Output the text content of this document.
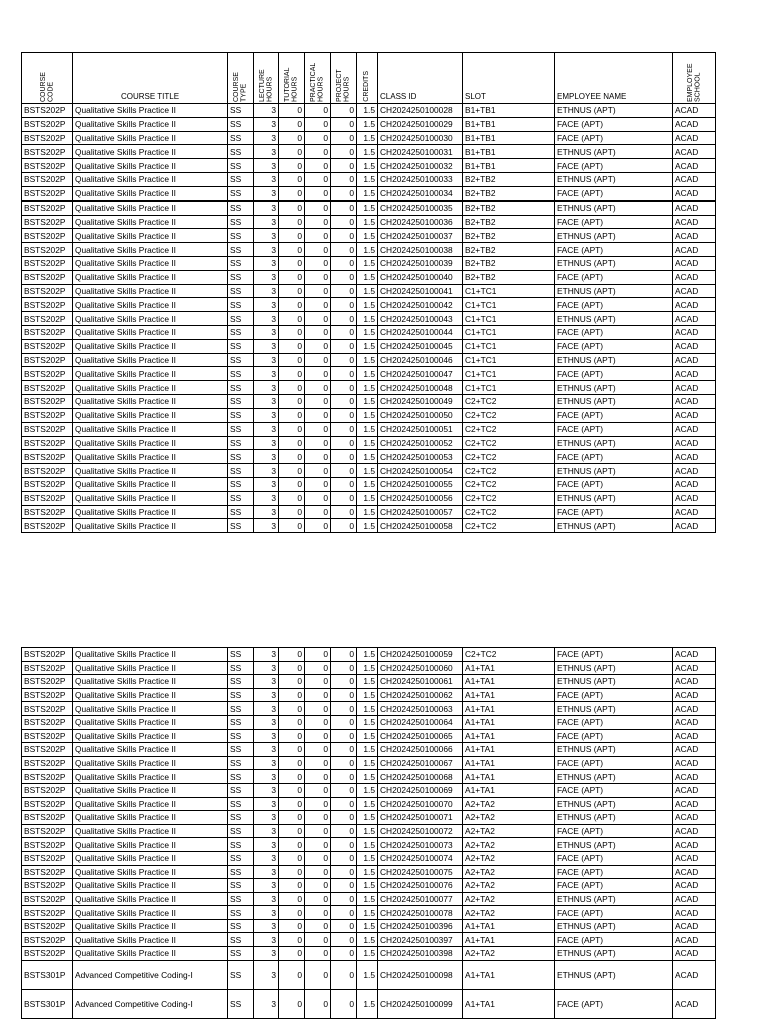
COURSE CODE	COURSE TITLE	COURSE TYPE	LECTURE HOURS	TUTORIAL HOURS	PRACTICAL HOURS	PROJECT HOURS	CREDITS	CLASS ID	SLOT	EMPLOYEE NAME	EMPLOYEE SCHOOL

BSTS202P	Qualitative Skills Practice II	SS	3	0	0	0	1.5	CH2024250100028	B1+TB1	ETHNUS (APT)	ACAD
BSTS202P	Qualitative Skills Practice II	SS	3	0	0	0	1.5	CH2024250100029	B1+TB1	FACE (APT)	ACAD
BSTS202P	Qualitative Skills Practice II	SS	3	0	0	0	1.5	CH2024250100030	B1+TB1	FACE (APT)	ACAD
BSTS202P	Qualitative Skills Practice II	SS	3	0	0	0	1.5	CH2024250100031	B1+TB1	ETHNUS (APT)	ACAD
BSTS202P	Qualitative Skills Practice II	SS	3	0	0	0	1.5	CH2024250100032	B1+TB1	FACE (APT)	ACAD
BSTS202P	Qualitative Skills Practice II	SS	3	0	0	0	1.5	CH2024250100033	B2+TB2	ETHNUS (APT)	ACAD
BSTS202P	Qualitative Skills Practice II	SS	3	0	0	0	1.5	CH2024250100034	B2+TB2	FACE (APT)	ACAD
BSTS202P	Qualitative Skills Practice II	SS	3	0	0	0	1.5	CH2024250100035	B2+TB2	ETHNUS (APT)	ACAD
BSTS202P	Qualitative Skills Practice II	SS	3	0	0	0	1.5	CH2024250100036	B2+TB2	FACE (APT)	ACAD
BSTS202P	Qualitative Skills Practice II	SS	3	0	0	0	1.5	CH2024250100037	B2+TB2	ETHNUS (APT)	ACAD
BSTS202P	Qualitative Skills Practice II	SS	3	0	0	0	1.5	CH2024250100038	B2+TB2	FACE (APT)	ACAD
BSTS202P	Qualitative Skills Practice II	SS	3	0	0	0	1.5	CH2024250100039	B2+TB2	ETHNUS (APT)	ACAD
BSTS202P	Qualitative Skills Practice II	SS	3	0	0	0	1.5	CH2024250100040	B2+TB2	FACE (APT)	ACAD
BSTS202P	Qualitative Skills Practice II	SS	3	0	0	0	1.5	CH2024250100041	C1+TC1	ETHNUS (APT)	ACAD
BSTS202P	Qualitative Skills Practice II	SS	3	0	0	0	1.5	CH2024250100042	C1+TC1	FACE (APT)	ACAD
BSTS202P	Qualitative Skills Practice II	SS	3	0	0	0	1.5	CH2024250100043	C1+TC1	ETHNUS (APT)	ACAD
BSTS202P	Qualitative Skills Practice II	SS	3	0	0	0	1.5	CH2024250100044	C1+TC1	FACE (APT)	ACAD
BSTS202P	Qualitative Skills Practice II	SS	3	0	0	0	1.5	CH2024250100045	C1+TC1	FACE (APT)	ACAD
BSTS202P	Qualitative Skills Practice II	SS	3	0	0	0	1.5	CH2024250100046	C1+TC1	ETHNUS (APT)	ACAD
BSTS202P	Qualitative Skills Practice II	SS	3	0	0	0	1.5	CH2024250100047	C1+TC1	FACE (APT)	ACAD
BSTS202P	Qualitative Skills Practice II	SS	3	0	0	0	1.5	CH2024250100048	C1+TC1	ETHNUS (APT)	ACAD
BSTS202P	Qualitative Skills Practice II	SS	3	0	0	0	1.5	CH2024250100049	C2+TC2	ETHNUS (APT)	ACAD
BSTS202P	Qualitative Skills Practice II	SS	3	0	0	0	1.5	CH2024250100050	C2+TC2	FACE (APT)	ACAD
BSTS202P	Qualitative Skills Practice II	SS	3	0	0	0	1.5	CH2024250100051	C2+TC2	FACE (APT)	ACAD
BSTS202P	Qualitative Skills Practice II	SS	3	0	0	0	1.5	CH2024250100052	C2+TC2	ETHNUS (APT)	ACAD
BSTS202P	Qualitative Skills Practice II	SS	3	0	0	0	1.5	CH2024250100053	C2+TC2	FACE (APT)	ACAD
BSTS202P	Qualitative Skills Practice II	SS	3	0	0	0	1.5	CH2024250100054	C2+TC2	ETHNUS (APT)	ACAD
BSTS202P	Qualitative Skills Practice II	SS	3	0	0	0	1.5	CH2024250100055	C2+TC2	FACE (APT)	ACAD
BSTS202P	Qualitative Skills Practice II	SS	3	0	0	0	1.5	CH2024250100056	C2+TC2	ETHNUS (APT)	ACAD
BSTS202P	Qualitative Skills Practice II	SS	3	0	0	0	1.5	CH2024250100057	C2+TC2	FACE (APT)	ACAD
BSTS202P	Qualitative Skills Practice II	SS	3	0	0	0	1.5	CH2024250100058	C2+TC2	ETHNUS (APT)	ACAD
BSTS202P	Qualitative Skills Practice II	SS	3	0	0	0	1.5	CH2024250100059	C2+TC2	FACE (APT)	ACAD
BSTS202P	Qualitative Skills Practice II	SS	3	0	0	0	1.5	CH2024250100060	A1+TA1	ETHNUS (APT)	ACAD
BSTS202P	Qualitative Skills Practice II	SS	3	0	0	0	1.5	CH2024250100061	A1+TA1	ETHNUS (APT)	ACAD
BSTS202P	Qualitative Skills Practice II	SS	3	0	0	0	1.5	CH2024250100062	A1+TA1	FACE (APT)	ACAD
BSTS202P	Qualitative Skills Practice II	SS	3	0	0	0	1.5	CH2024250100063	A1+TA1	ETHNUS (APT)	ACAD
BSTS202P	Qualitative Skills Practice II	SS	3	0	0	0	1.5	CH2024250100064	A1+TA1	FACE (APT)	ACAD
BSTS202P	Qualitative Skills Practice II	SS	3	0	0	0	1.5	CH2024250100065	A1+TA1	FACE (APT)	ACAD
BSTS202P	Qualitative Skills Practice II	SS	3	0	0	0	1.5	CH2024250100066	A1+TA1	ETHNUS (APT)	ACAD
BSTS202P	Qualitative Skills Practice II	SS	3	0	0	0	1.5	CH2024250100067	A1+TA1	FACE (APT)	ACAD
BSTS202P	Qualitative Skills Practice II	SS	3	0	0	0	1.5	CH2024250100068	A1+TA1	ETHNUS (APT)	ACAD
BSTS202P	Qualitative Skills Practice II	SS	3	0	0	0	1.5	CH2024250100069	A1+TA1	FACE (APT)	ACAD
BSTS202P	Qualitative Skills Practice II	SS	3	0	0	0	1.5	CH2024250100070	A2+TA2	ETHNUS (APT)	ACAD
BSTS202P	Qualitative Skills Practice II	SS	3	0	0	0	1.5	CH2024250100071	A2+TA2	ETHNUS (APT)	ACAD
BSTS202P	Qualitative Skills Practice II	SS	3	0	0	0	1.5	CH2024250100072	A2+TA2	FACE (APT)	ACAD
BSTS202P	Qualitative Skills Practice II	SS	3	0	0	0	1.5	CH2024250100073	A2+TA2	ETHNUS (APT)	ACAD
BSTS202P	Qualitative Skills Practice II	SS	3	0	0	0	1.5	CH2024250100074	A2+TA2	FACE (APT)	ACAD
BSTS202P	Qualitative Skills Practice II	SS	3	0	0	0	1.5	CH2024250100075	A2+TA2	FACE (APT)	ACAD
BSTS202P	Qualitative Skills Practice II	SS	3	0	0	0	1.5	CH2024250100076	A2+TA2	FACE (APT)	ACAD
BSTS202P	Qualitative Skills Practice II	SS	3	0	0	0	1.5	CH2024250100077	A2+TA2	ETHNUS (APT)	ACAD
BSTS202P	Qualitative Skills Practice II	SS	3	0	0	0	1.5	CH2024250100078	A2+TA2	FACE (APT)	ACAD
BSTS202P	Qualitative Skills Practice II	SS	3	0	0	0	1.5	CH2024250100396	A1+TA1	ETHNUS (APT)	ACAD
BSTS202P	Qualitative Skills Practice II	SS	3	0	0	0	1.5	CH2024250100397	A1+TA1	FACE (APT)	ACAD
BSTS202P	Qualitative Skills Practice II	SS	3	0	0	0	1.5	CH2024250100398	A2+TA2	ETHNUS (APT)	ACAD
BSTS301P	Advanced Competitive Coding-I	SS	3	0	0	0	1.5	CH2024250100098	A1+TA1	ETHNUS (APT)	ACAD
BSTS301P	Advanced Competitive Coding-I	SS	3	0	0	0	1.5	CH2024250100099	A1+TA1	FACE (APT)	ACAD
